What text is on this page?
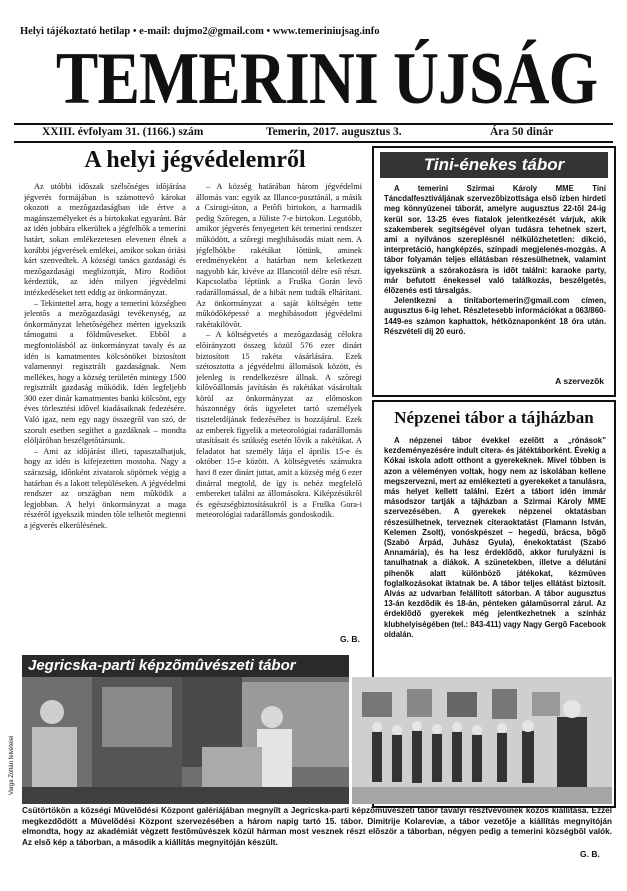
Helyi tájékoztató hetilap • e-mail: dujmo2@gmail.com • www.temeriniujsag.info
TEMERINI ÚJSÁG
XXIII. évfolyam 31. (1166.) szám	Temerin, 2017. augusztus 3.	Ára 50 dinár
A helyi jégvédelemről

Az utóbbi idõszak szélsõséges idõjárása jégverés formájában is számottevõ károkat okozott a mezõgazdaságban ide értve a magánszemélyeket és a birtokokat egyaránt. Bár az idén jobbára elkerültek a jégfelhõk a temerini határt, sokan emlékezetesen elevenen élnek a korábbi jégverések emlékei, amikor sokan óriási kárt szenvedtek. A községi tanács gazdasági és mezõgazdasági megbízottját, Miro Rodiõot kérdeztük, az idén milyen jégvédelmi intézkedéseket tett eddig az önkormányzat.

– Tekintettel arra, hogy a temerini községben jelentõs a mezõgazdasági tevékenység, az önkormányzat lehetõségéhez mérten igyekszik támogatni a földmûveseket. Ebbõl a megfontolásból az önkormányzat tavaly és az idén is kamatmentes kölcsönöket biztosított valamennyi regisztrált gazdaságnak. Nem mellékes, hogy a község területén mintegy 1500 regisztrált gazdaság mûködik. Idén legfeljebb 300 ezer dinár kamatmentes banki kölcsönt, egy éves törlesztési idõvel kiadásaiknak fedezésére. Való igaz, nem egy nagy összegrõl van szó, de szorult esetben segíthet a gazdáknak – mondta elöljáróban beszélgetõtársunk.

– Ami az idõjárást illeti, tapasztalhatjuk, hogy az idén is kifejezetten mostoha. Nagy a szárazság, idõnként zivatarok söpörnek végig a határban és a lakott településeken. A jégvédelmi rendszer az országban nem mûködik a legjobban. A helyi önkormányzat a maga részérõl igyekszik minden tõle telhetõt megtenni a jégverés elkerülésének.

– A község határában három jégvédelmi állomás van: egyik az Illanco-pusztánál, a másik a Csirogi-úton, a Petõfi birtokon, a harmadik pedig Szõregen, a Jüliste 7-e birtokon. Legutóbb, amikor jégverés fenyegetett két temerini rendszer mûködött, a szõregi meghibásodás miatt nem. A jégfelhõkbe rakétákat lõttünk, aminek eredményeként a határban nem keletkezett nagyobb kár, kivéve az Illancotól délre esõ részt. Kapcsolatba léptünk a Fruška Gorán levõ radarállomással, de a hibát nem tudták elhárítani. Az önkormányzat a saját költségén tette mûködõképessé a meghibásodott jégvédelmi rakétakilövõt.

– A költségvetés a mezõgazdaság célokra elõirányzott összeg közül 576 ezer dinárt biztosított 15 rakéta vásárlására. Ezek szétosztotta a jégvédelmi állomások között, és jelenleg is rendelkezésre állnak. A szõregi kilõvõállomás javításán és rakétákat vásároltak körül az önkormányzat az előmoskon húszonnégy órás ügyeletet tartó személyek tiszteletdíjának fedezéséhez is hozzájárul. Ezek az emberek figyelik a meteorológiai radarállomás utasításait és szükség esetén lõvik a rakétákat. A feladatot hat személy látja el április 15-e és október 15-e között. A költségvetés számukra havi 8 ezer dinárt juttat, amit a község még 6 ezer dinárral megtold, de így is nehéz megfelelõ embereket találni az állomásokra. Kiképzésükrõl és egészségbiztosításukról is a Fruška Gora-i meteorológiai radarállomás gondoskodik.

G. B.
Tini-énekes tábor

A temerini Szirmai Károly MME Tini Táncdalfesztiváljának szervezõbizottsága elsõ ízben hirdeti meg könnyûzenei táborát, amelyre augusztus 22-tõl 24-ig kerül sor. 13-25 éves fiatalok jelentkezését várjuk, akik szakemberek segítségével olyan tudásra tehetnek szert, ami a nyilvános szereplésnél nélkülözhetetlen: dikció, interpretáció, hangképzés, színpadi megjelenés-mozgás. A tábor folyamán teljes ellátásban részesülhetnek, valamint igyekszünk a szórakozásra is idõt találni: karaoke party, már befutott énekessel való találkozás, beszélgetés, élõzenés esti társalgás.

Jelentkezni a tinitabortemerin@gmail.com címen, augusztus 6-ig lehet. Részletesebb információkat a 063/860-1449-es számon kaphattok, hétköznaponként 18 óra után. Részvételi díj 20 euró.

A szervezõk
Népzenei tábor a tájházban

A népzenei tábor évekkel ezelõtt a „rónások” kezdeményezésére indult citera- és játéktáborként. Évekig a Kókai iskola adott otthont a gyerekeknek. Mivel többen is azon a véleményen voltak, hogy nem az iskolában kellene megszervezni, mert az emlékezteti a gyerekeket a tanulásra, más helyet kellett találni. Ezért a tábort idén immár másodszor tartják a tájházban a Szirmai Károly MME szervezésében. A gyerekek népzenei oktatásban részesülhetnek, terveznek citeraoktatást (Flamann István, Kelemen Zsolt), vonóskpészet – hegedû, brácsa, bõgõ (Szabó Árpád, Juhász Gyula), énekoktatást (Szabó Annamária), és ha lesz érdeklõdõ, akkor furulyázni is tanulhatnak a diákok. A szünetekben, illetve a délutáni pihenõk alatt különbözõ játékokat, kézmûves foglalkozásokat iktatnak be. A tábor teljes ellátást biztosít. Alvás az udvarban felállított sátorban. A tábor augusztus 13-án kezdõdik és 18-án, pénteken gálamûsorral zárul. Az érdeklõdõ gyerekek még jelentkezhetnek a színház klubhelyiségében (tel.: 843-411) vagy Nagy Gergõ Facebook oldalán.

Jegricska-parti képzõmûvészeti tábor
Varga Zoltán felvételei
Csütörtökön a községi Mûvelõdési Központ galériájában megnyílt a Jegricska-parti képzõmûvészeti tábor tavalyi résztvevõinek közös kiállítása. Ezzel megkezdõdött a Mûvelõdési Központ szervezésében a három napig tartó 15. tábor. Dimitrije Kolareviæ, a tábor vezetõje a kiállítás megnyitóján elmondta, hogy az akadémiát végzett festõmûvészek közül hárman most vesznek részt elõször a táborban, négyen pedig a temerini községbõl valók. Az elsõ kép a táborban, a második a kiállítás megnyitóján készült.
G. B.
